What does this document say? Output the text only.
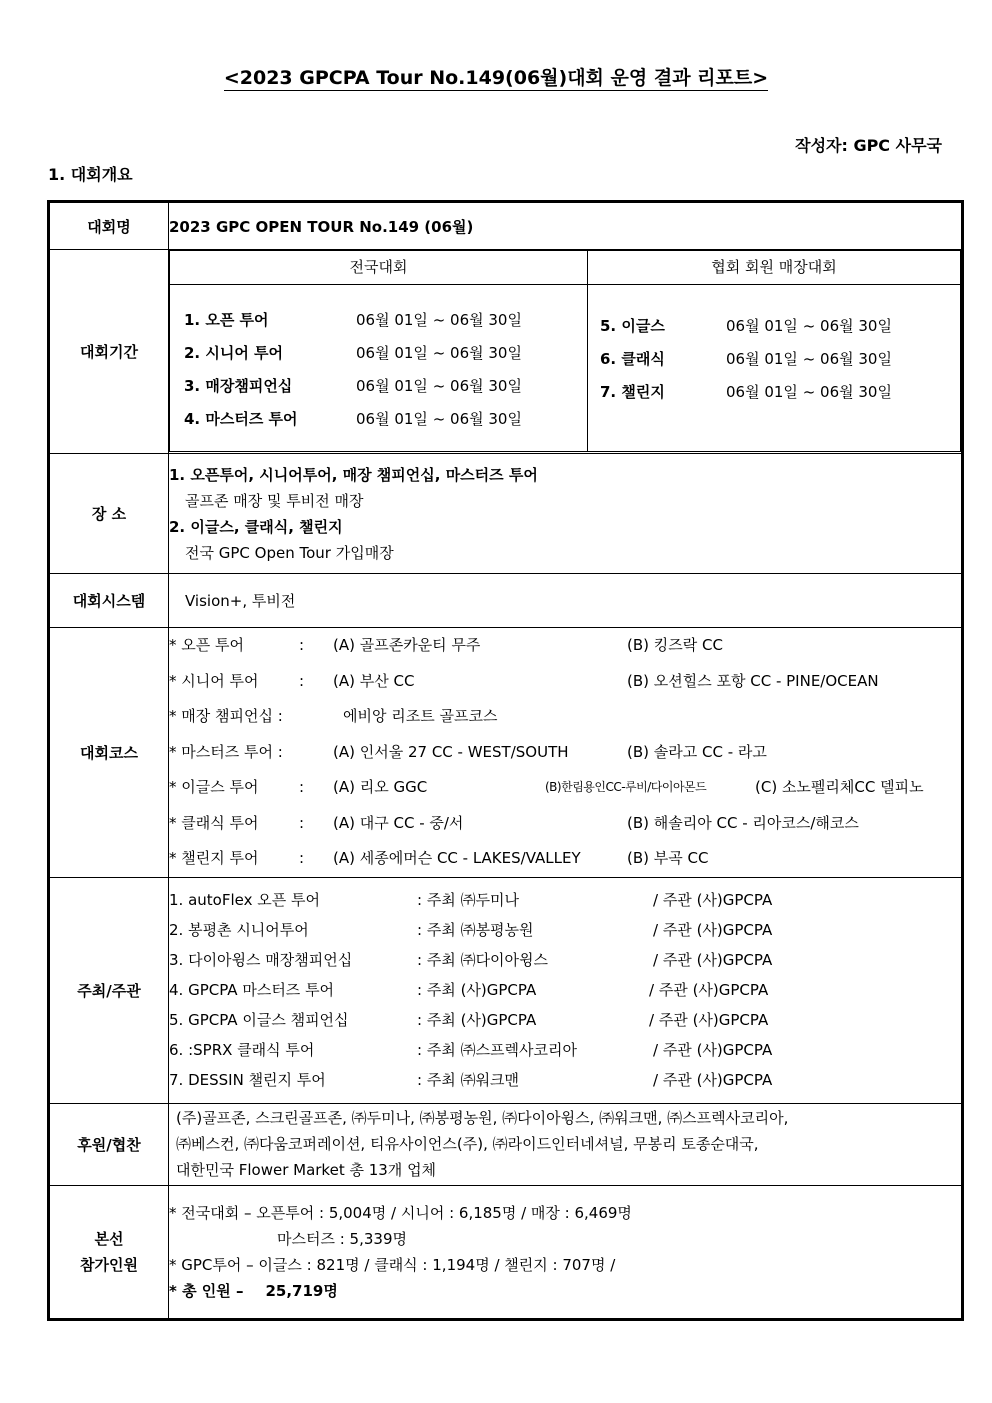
<2023 GPCPA Tour No.149(06월)대회 운영 결과 리포트>
작성자: GPC 사무국
1. 대회개요
대회명	2023 GPC OPEN TOUR No.149 (06월)
대회기간	
전국대회	협회 회원 매장대회

1. 오픈 투어	06월 01일 ~ 06월 30일
2. 시니어 투어	06월 01일 ~ 06월 30일
3. 매장챔피언십	06월 01일 ~ 06월 30일
4. 마스터즈 투어	06월 01일 ~ 06월 30일

5. 이글스	06월 01일 ~ 06월 30일
6. 클래식	06월 01일 ~ 06월 30일
7. 챌린지	06월 01일 ~ 06월 30일

장 소	
1. 오픈투어, 시니어투어, 매장 챔피언십, 마스터즈 투어
골프존 매장 및 투비전 매장
2. 이글스, 클래식, 챌린지
전국 GPC Open Tour 가입매장

대회시스템	Vision+, 투비전
대회코스	
* 오픈 투어	: (A) 골프존카운티 무주	(B) 킹즈락 CC
* 시니어 투어	: (A) 부산 CC	(B) 오션힐스 포항 CC - PINE/OCEAN
* 매장 챔피언십 :	에비앙 리조트 골프코스
* 마스터즈 투어 :	(A) 인서울 27 CC - WEST/SOUTH	(B) 솔라고 CC - 라고
* 이글스 투어	: (A) 리오 GGC	(B)한림용인CC-루비/다이아몬드	(C) 소노펠리체CC 델피노
* 클래식 투어	: (A) 대구 CC - 중/서	(B) 해솔리아 CC - 리아코스/해코스
* 챌린지 투어	: (A) 세종에머슨 CC - LAKES/VALLEY	(B) 부곡 CC

주최/주관	
1. autoFlex 오픈 투어	: 주최 ㈜두미나	/ 주관 (사)GPCPA
2. 봉평촌 시니어투어	: 주최 ㈜봉평농원	/ 주관 (사)GPCPA
3. 다이아윙스 매장챔피언십	: 주최 ㈜다이아윙스	/ 주관 (사)GPCPA
4. GPCPA 마스터즈 투어	: 주최 (사)GPCPA	/ 주관 (사)GPCPA
5. GPCPA 이글스 챔피언십	: 주최 (사)GPCPA	/ 주관 (사)GPCPA
6. :SPRX 클래식 투어	: 주최 ㈜스프렉사코리아	/ 주관 (사)GPCPA
7. DESSIN 챌린지 투어	: 주최 ㈜워크맨	/ 주관 (사)GPCPA

후원/협찬	
(주)골프존, 스크린골프존, ㈜두미나, ㈜봉평농원, ㈜다이아윙스, ㈜워크맨, ㈜스프렉사코리아,
㈜베스컨, ㈜다움코퍼레이션, 티유사이언스(주), ㈜라이드인터네셔널, 무봉리 토종순대국,
대한민국 Flower Market 총 13개 업체

본선
참가인원

* 전국대회 – 오픈투어 : 5,004명 / 시니어 : 6,185명 / 매장 : 6,469명
마스터즈 : 5,339명
* GPC투어 – 이글스 : 821명 / 클래식 : 1,194명 / 챌린지 : 707명 /
* 총 인원 – 25,719명
